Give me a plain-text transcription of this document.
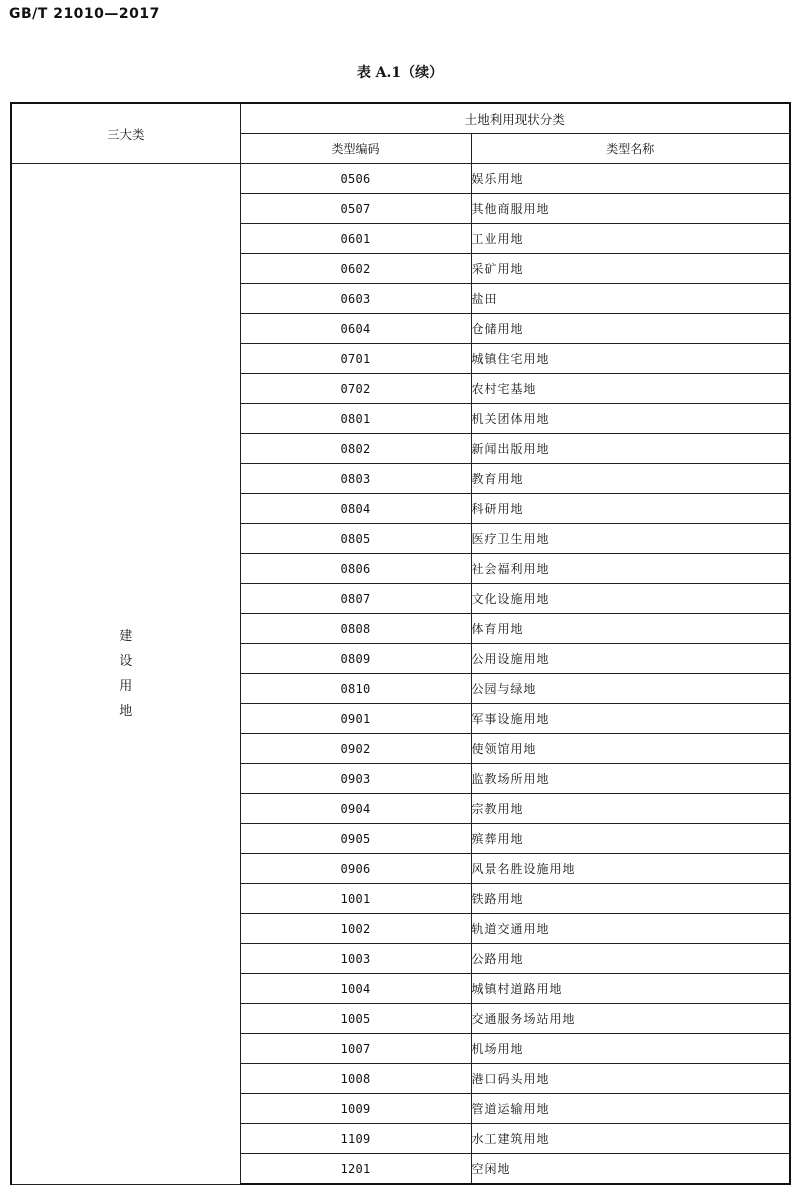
GB/T 21010—2017
表 A.1（续）
三大类	土地利用现状分类	
	类型编码	类型名称

建
设
用
地	0506	娱乐用地
	0507	其他商服用地
	0601	工业用地
	0602	采矿用地
	0603	盐田
	0604	仓储用地
	0701	城镇住宅用地
	0702	农村宅基地
	0801	机关团体用地
	0802	新闻出版用地
	0803	教育用地
	0804	科研用地
	0805	医疗卫生用地
	0806	社会福利用地
	0807	文化设施用地
	0808	体育用地
	0809	公用设施用地
	0810	公园与绿地
	0901	军事设施用地
	0902	使领馆用地
	0903	监教场所用地
	0904	宗教用地
	0905	殡葬用地
	0906	风景名胜设施用地
	1001	铁路用地
	1002	轨道交通用地
	1003	公路用地
	1004	城镇村道路用地
	1005	交通服务场站用地
	1007	机场用地
	1008	港口码头用地
	1009	管道运输用地
	1109	水工建筑用地
	1201	空闲地
